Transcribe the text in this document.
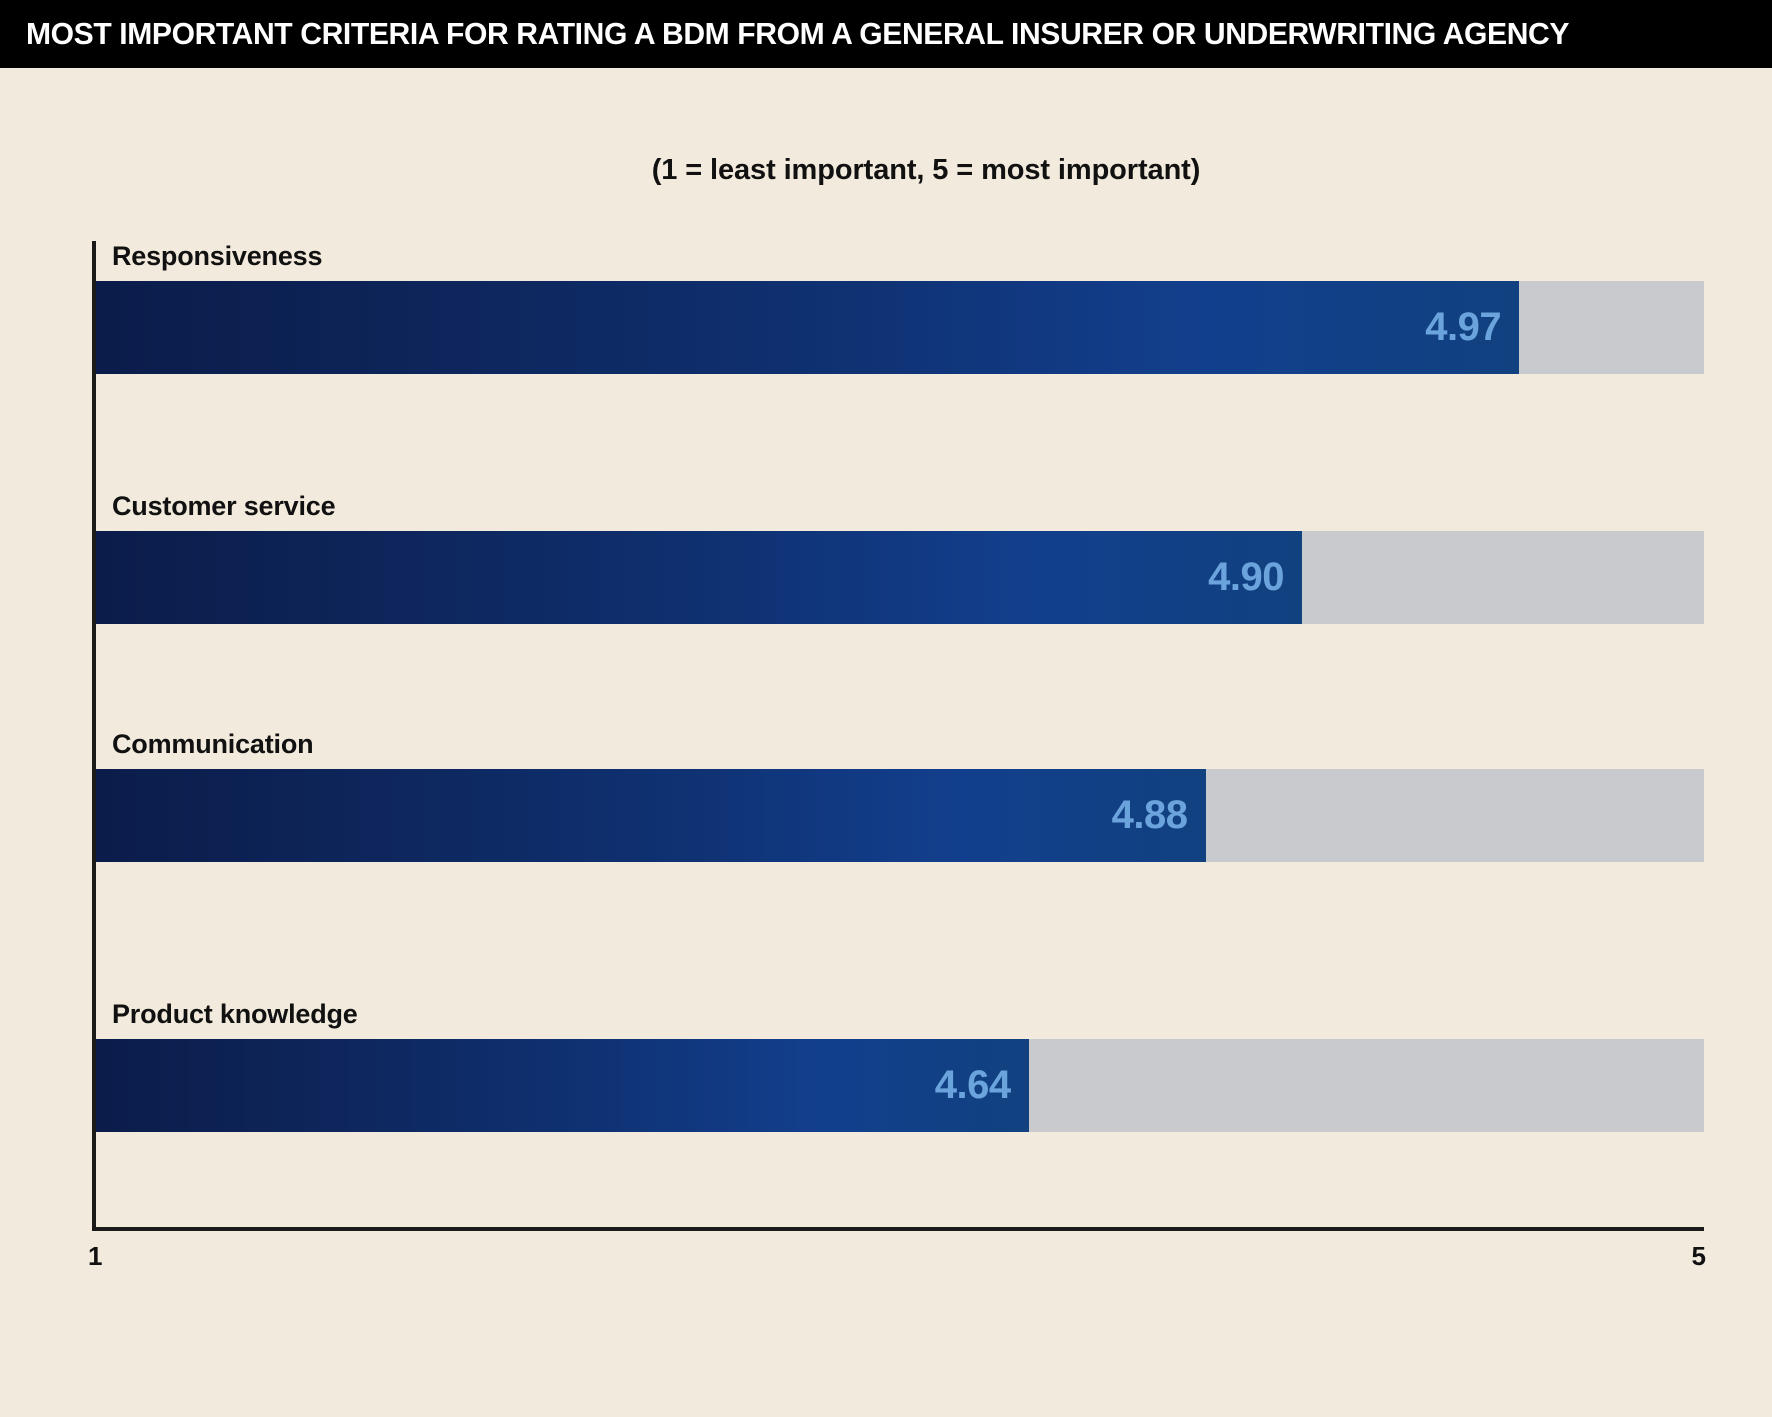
MOST IMPORTANT CRITERIA FOR RATING A BDM FROM A GENERAL INSURER OR UNDERWRITING AGENCY
(1 = least important, 5 = most important)
Responsiveness
4.97
Customer service
4.90
Communication
4.88
Product knowledge
4.64
1	5
